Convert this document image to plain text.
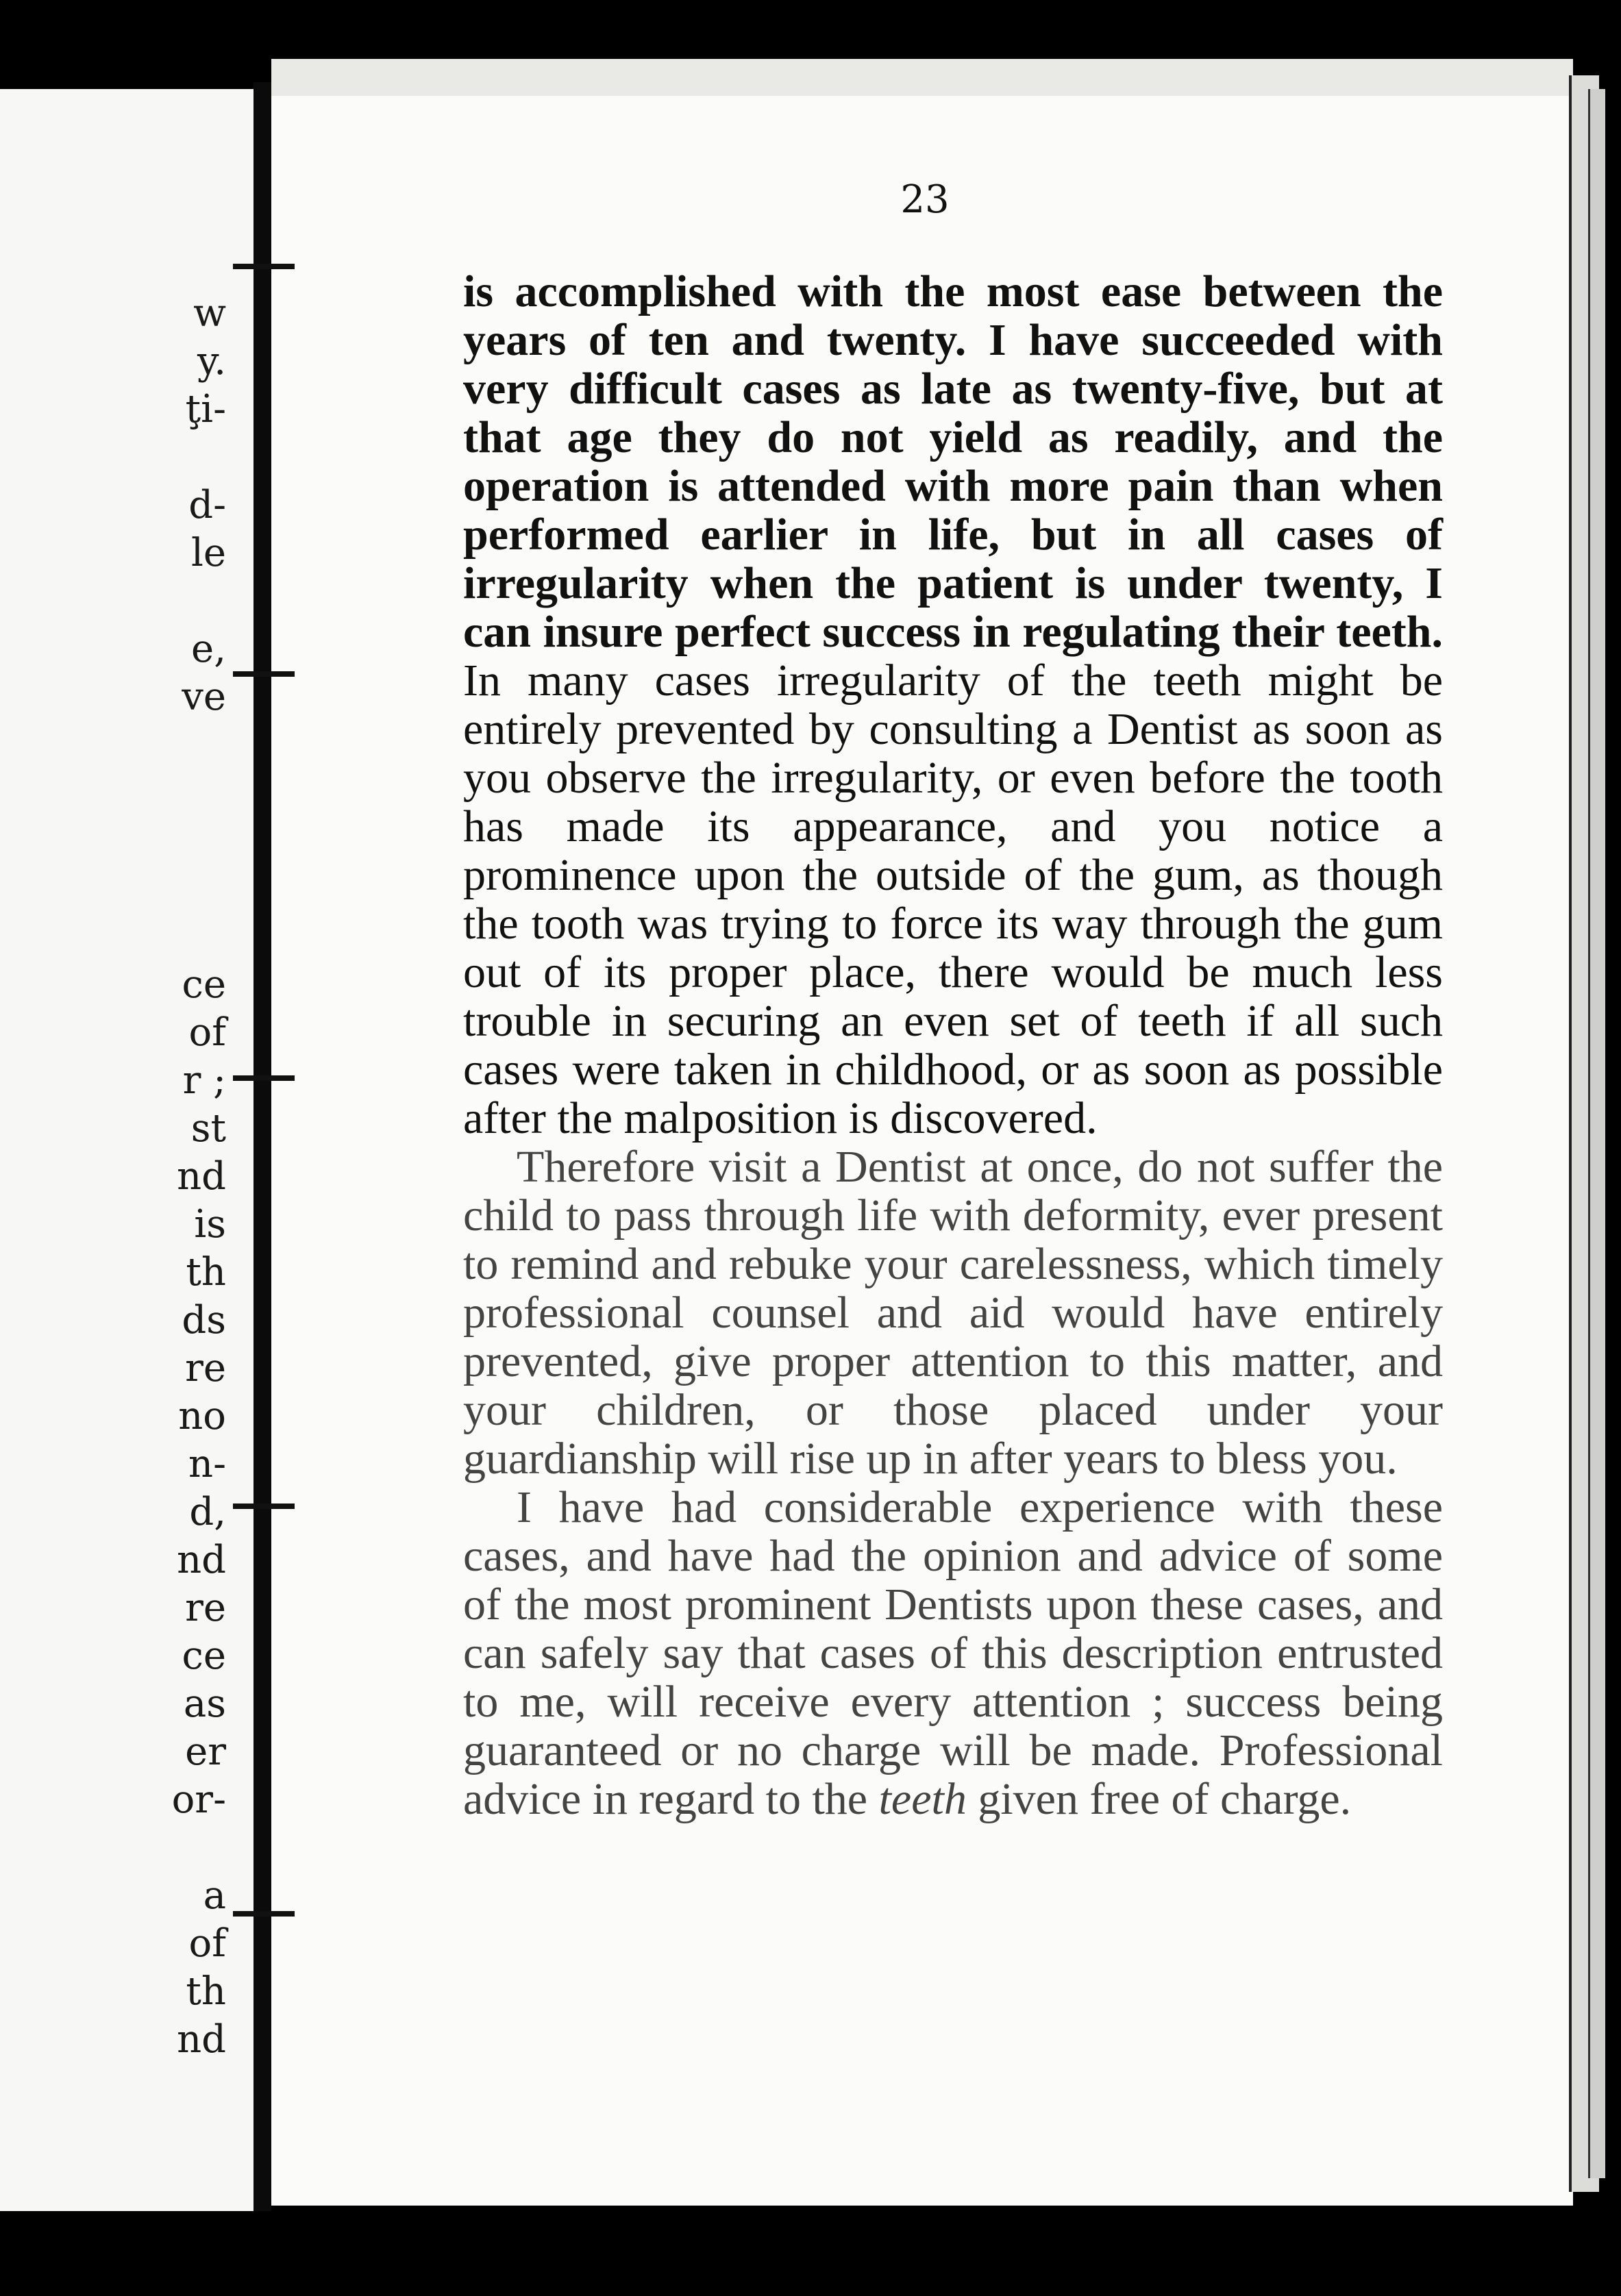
w
y.
ţi-
d-
le
e,
ve
ce
of
r ;
st
nd
is
th
ds
re
no
n-
d,
nd
re
ce
as
er
or-
a
of
th
nd
23

is accomplished with the most ease between the years of ten and twenty. I have succeeded with very difficult cases as late as twenty-five, but at that age they do not yield as readily, and the operation is attended with more pain than when performed earlier in life, but in all cases of irregularity when the patient is under twenty, I can insure perfect success in regulating their teeth. In many cases irregularity of the teeth might be entirely prevented by consulting a Dentist as soon as you observe the irregularity, or even before the tooth has made its appearance, and you notice a prominence upon the outside of the gum, as though the tooth was trying to force its way through the gum out of its proper place, there would be much less trouble in securing an even set of teeth if all such cases were taken in childhood, or as soon as possible after the malposition is discovered.

Therefore visit a Dentist at once, do not suffer the child to pass through life with deformity, ever present to remind and rebuke your carelessness, which timely professional counsel and aid would have entirely prevented, give proper attention to this matter, and your children, or those placed under your guardianship will rise up in after years to bless you.

I have had considerable experience with these cases, and have had the opinion and advice of some of the most prominent Dentists upon these cases, and can safely say that cases of this description entrusted to me, will receive every attention ; success being guaranteed or no charge will be made. Professional advice in regard to the teeth given free of charge.
